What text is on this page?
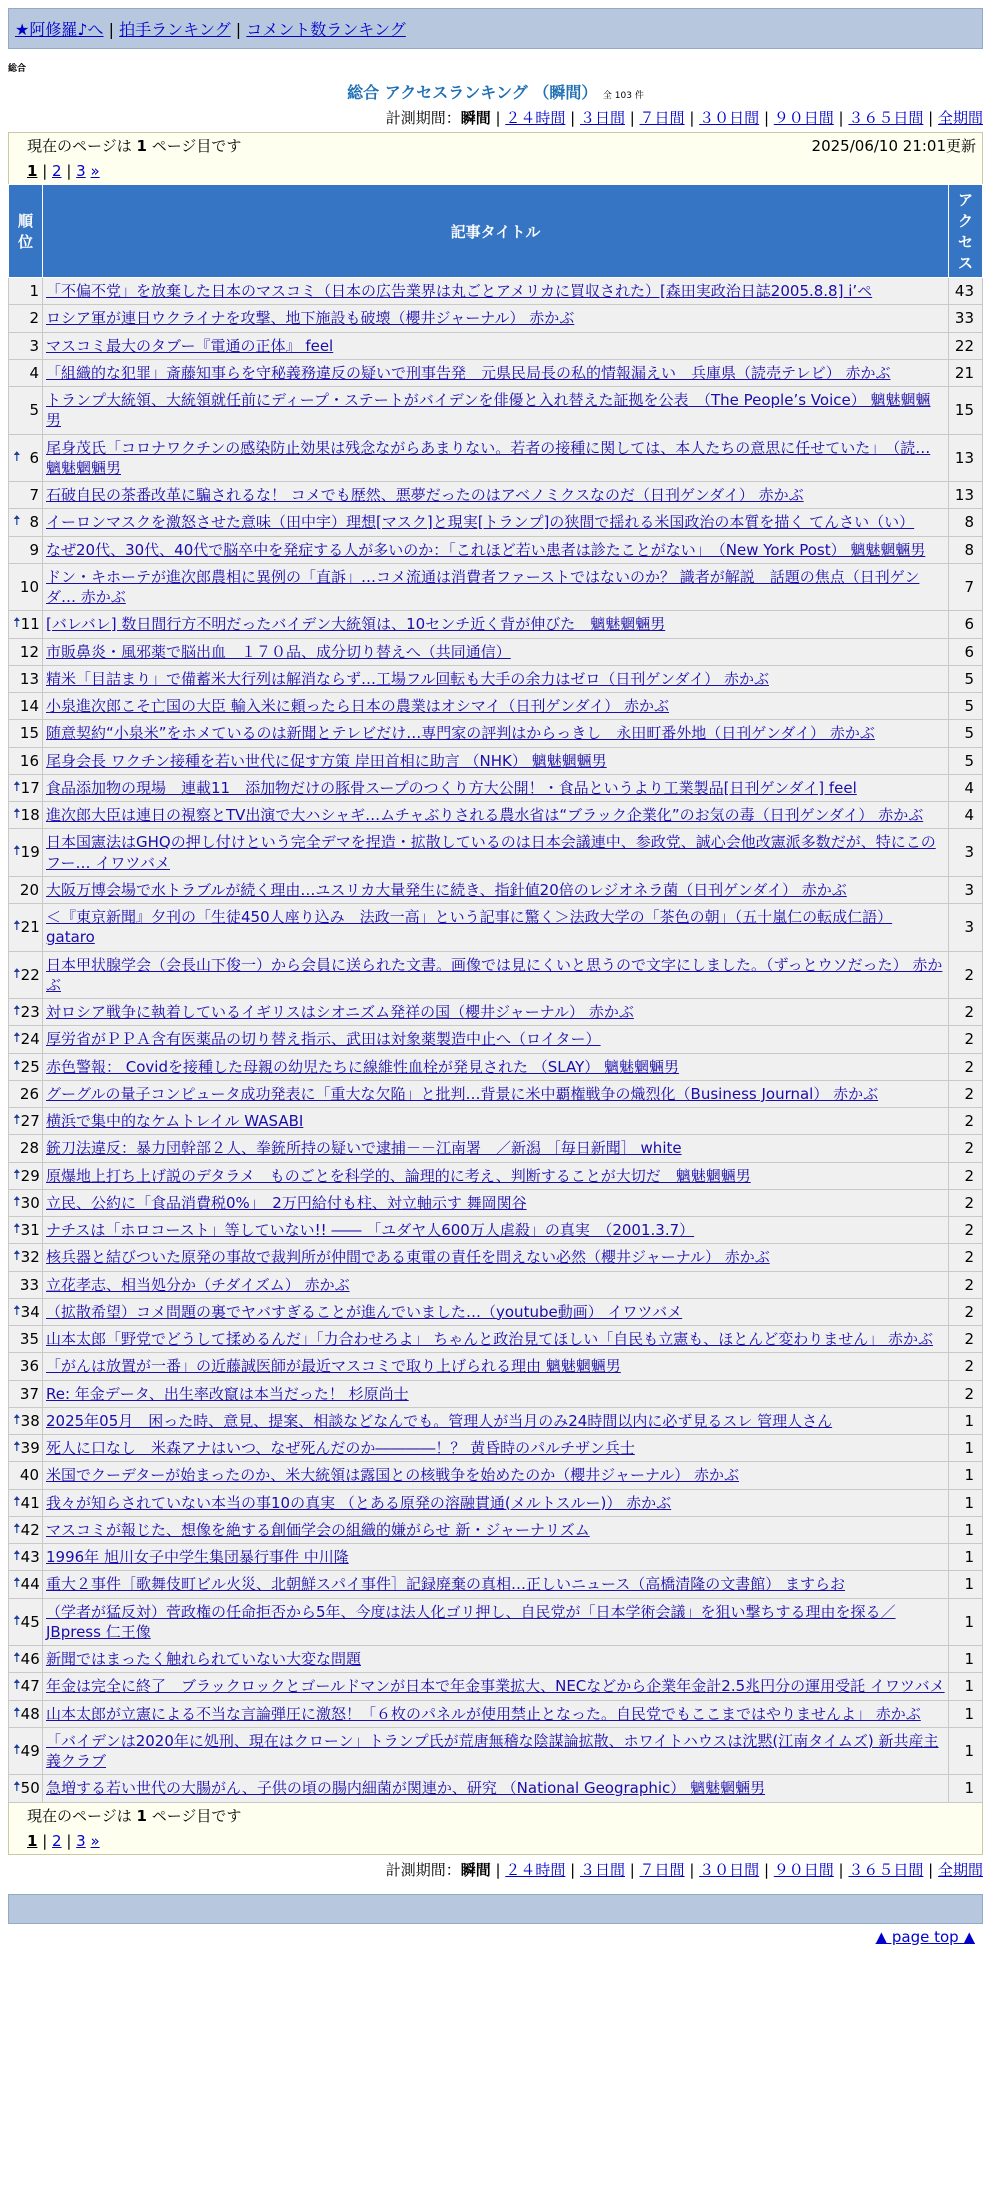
★阿修羅♪へ | 拍手ランキング | コメント数ランキング
総合
総合 アクセスランキング （瞬間） 全 103 件
計測期間：瞬間 | ２４時間 | ３日間 | ７日間 | ３０日間 | ９０日間 | ３６５日間 | 全期間
現在のページは 1 ページ目です	2025/06/10 21:01更新
1 | 2 | 3 »
順位	記事タイトル	アクセス
1	「不偏不党」を放棄した日本のマスコミ（日本の広告業界は丸ごとアメリカに買収された）[森田実政治日誌2005.8.8] i’ペ	43
2	ロシア軍が連日ウクライナを攻撃、地下施設も破壊（櫻井ジャーナル） 赤かぶ	33
3	マスコミ最大のタブー『電通の正体』 feel	22
4	「組織的な犯罪」斎藤知事らを守秘義務違反の疑いで刑事告発　元県民局長の私的情報漏えい　兵庫県（読売テレビ） 赤かぶ	21
5	トランプ大統領、大統領就任前にディープ・ステートがバイデンを俳優と入れ替えた証拠を公表　（The People’s Voice） 魑魅魍魎男	15

🠅 6	尾身茂氏「コロナワクチンの感染防止効果は残念ながらあまりない。若者の接種に関しては、本人たちの意思に任せていた」　（読… 魑魅魍魎男	13
7	石破自民の茶番改革に騙されるな！ コメでも歴然、悪夢だったのはアベノミクスなのだ（日刊ゲンダイ） 赤かぶ	13

🠅 8	イーロンマスクを激怒させた意味（田中宇）理想[マスク]と現実[トランプ]の狭間で揺れる米国政治の本質を描く てんさい（い）	8
9	なぜ20代、30代、40代で脳卒中を発症する人が多いのか：「これほど若い患者は診たことがない」　（New York Post） 魑魅魍魎男	8
10	ドン・キホーテが進次郎農相に異例の「直訴」…コメ流通は消費者ファーストではないのか？ 識者が解説　話題の焦点（日刊ゲンダ… 赤かぶ	7

🠅 11	[バレバレ] 数日間行方不明だったバイデン大統領は、10センチ近く背が伸びた　魑魅魍魎男	6
12	市販鼻炎・風邪薬で脳出血　１７０品、成分切り替えへ（共同通信）	6
13	精米「目詰まり」で備蓄米大行列は解消ならず…工場フル回転も大手の余力はゼロ（日刊ゲンダイ） 赤かぶ	5
14	小泉進次郎こそ亡国の大臣 輸入米に頼ったら日本の農業はオシマイ（日刊ゲンダイ） 赤かぶ	5
15	随意契約“小泉米”をホメているのは新聞とテレビだけ…専門家の評判はからっきし　永田町番外地（日刊ゲンダイ） 赤かぶ	5
16	尾身会長 ワクチン接種を若い世代に促す方策 岸田首相に助言 （NHK） 魑魅魍魎男	5

🠅 17	食品添加物の現場　連載11　添加物だけの豚骨スープのつくり方大公開！・食品というより工業製品[日刊ゲンダイ] feel	4

🠅 18	進次郎大臣は連日の視察とTV出演で大ハシャギ…ムチャぶりされる農水省は“ブラック企業化”のお気の毒（日刊ゲンダイ） 赤かぶ	4

🠅 19	日本国憲法はGHQの押し付けという完全デマを捏造・拡散しているのは日本会議連中、参政党、誠心会他改憲派多数だが、特にこのフー… イワツバメ	3
20	大阪万博会場で水トラブルが続く理由…ユスリカ大量発生に続き、指針値20倍のレジオネラ菌（日刊ゲンダイ） 赤かぶ	3

🠅 21	＜『東京新聞』夕刊の「生徒450人座り込み　法政一高」という記事に驚く＞法政大学の「茶色の朝」（五十嵐仁の転成仁語） gataro	3

🠅 22	日本甲状腺学会（会長山下俊一）から会員に送られた文書。画像では見にくいと思うので文字にしました。（ずっとウソだった） 赤かぶ	2

🠅 23	対ロシア戦争に執着しているイギリスはシオニズム発祥の国（櫻井ジャーナル） 赤かぶ	2

🠅 24	厚労省がＰＰＡ含有医薬品の切り替え指示、武田は対象薬製造中止へ（ロイター）	2

🠅 25	赤色警報： Covidを接種した母親の幼児たちに線維性血栓が発見された （SLAY） 魑魅魍魎男	2
26	グーグルの量子コンピュータ成功発表に「重大な欠陥」と批判…背景に米中覇権戦争の熾烈化（Business Journal） 赤かぶ	2

🠅 27	横浜で集中的なケムトレイル WASABI	2
28	銃刀法違反：暴力団幹部２人、拳銃所持の疑いで逮捕－－江南署　／新潟 ［毎日新聞］ white	2

🠅 29	原爆地上打ち上げ説のデタラメ　ものごとを科学的、論理的に考え、判断することが大切だ　魑魅魍魎男	2

🠅 30	立民、公約に「食品消費税0%」　2万円給付も柱、対立軸示す 舞岡関谷	2

🠅 31	ナチスは「ホロコースト」等していない!! ―― 「ユダヤ人600万人虐殺」の真実　（2001.3.7）	2

🠅 32	核兵器と結びついた原発の事故で裁判所が仲間である東電の責任を問えない必然（櫻井ジャーナル） 赤かぶ	2
33	立花孝志、相当処分か（チダイズム） 赤かぶ	2

🠅 34	（拡散希望）コメ問題の裏でヤバすぎることが進んでいました…（youtube動画） イワツバメ	2
35	山本太郎「野党でどうして揉めるんだ」「力合わせろよ」 ちゃんと政治見てほしい「自民も立憲も、ほとんど変わりません」 赤かぶ	2
36	「がんは放置が一番」の近藤誠医師が最近マスコミで取り上げられる理由 魑魅魍魎男	2
37	Re: 年金データ、出生率改竄は本当だった！ 杉原尚士	2

🠅 38	2025年05月　困った時、意見、提案、相談などなんでも。管理人が当月のみ24時間以内に必ず見るスレ 管理人さん	1

🠅 39	死人に口なし　米森アナはいつ、なぜ死んだのか――――！？ 黄昏時のパルチザン兵士	1
40	米国でクーデターが始まったのか、米大統領は露国との核戦争を始めたのか（櫻井ジャーナル） 赤かぶ	1

🠅 41	我々が知らされていない本当の事10の真実 （とある原発の溶融貫通(メルトスルー)） 赤かぶ	1

🠅 42	マスコミが報じた、想像を絶する創価学会の組織的嫌がらせ 新・ジャーナリズム	1

🠅 43	1996年 旭川女子中学生集団暴行事件 中川隆	1

🠅 44	重大２事件［歌舞伎町ビル火災、北朝鮮スパイ事件］記録廃棄の真相…正しいニュース（高橋清隆の文書館） ますらお	1

🠅 45	（学者が猛反対）菅政権の任命拒否から5年、今度は法人化ゴリ押し、自民党が「日本学術会議」を狙い撃ちする理由を探る／JBpress 仁王像	1

🠅 46	新聞ではまったく触れられていない大変な問題	1

🠅 47	年金は完全に終了　ブラックロックとゴールドマンが日本で年金事業拡大、NECなどから企業年金計2.5兆円分の運用受託 イワツバメ	1

🠅 48	山本太郎が立憲による不当な言論弾圧に激怒！「６枚のパネルが使用禁止となった。自民党でもここまではやりませんよ」 赤かぶ	1

🠅 49	「バイデンは2020年に処刑、現在はクローン」トランプ氏が荒唐無稽な陰謀論拡散、ホワイトハウスは沈黙(江南タイムズ) 新共産主義クラブ	1

🠅 50	急増する若い世代の大腸がん、子供の頃の腸内細菌が関連か、研究 （National Geographic） 魑魅魍魎男	1
現在のページは 1 ページ目です
1 | 2 | 3 »
計測期間：瞬間 | ２４時間 | ３日間 | ７日間 | ３０日間 | ９０日間 | ３６５日間 | 全期間
▲ page top ▲
